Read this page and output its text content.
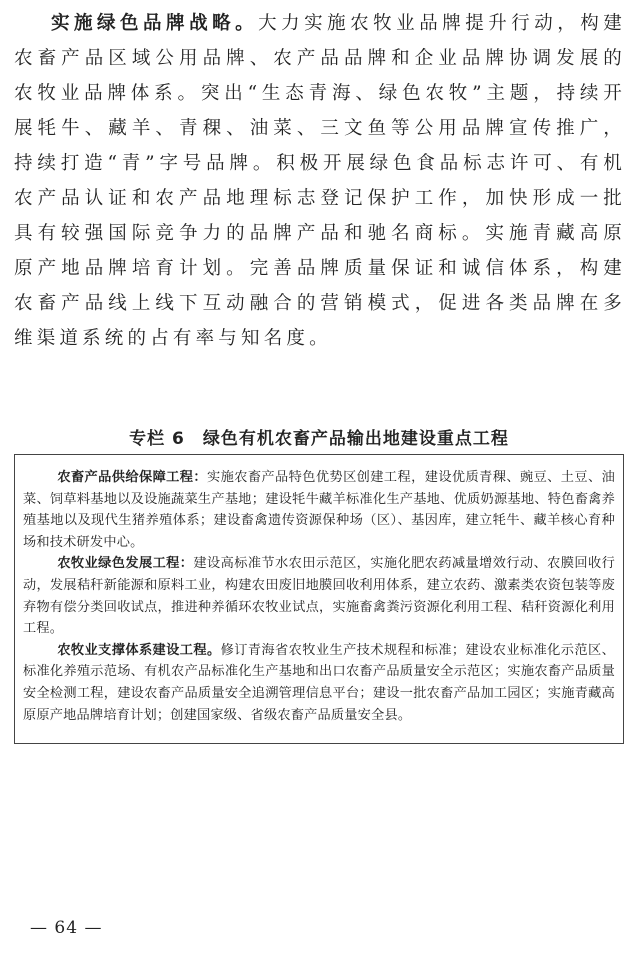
实施绿色品牌战略。大力实施农牧业品牌提升行动，构建农畜产品区域公用品牌、农产品品牌和企业品牌协调发展的农牧业品牌体系。突出“生态青海、绿色农牧”主题，持续开展牦牛、藏羊、青稞、油菜、三文鱼等公用品牌宣传推广，持续打造“青”字号品牌。积极开展绿色食品标志许可、有机农产品认证和农产品地理标志登记保护工作，加快形成一批具有较强国际竞争力的品牌产品和驰名商标。实施青藏高原原产地品牌培育计划。完善品牌质量保证和诚信体系，构建农畜产品线上线下互动融合的营销模式，促进各类品牌在多维渠道系统的占有率与知名度。

专栏 6　绿色有机农畜产品输出地建设重点工程

农畜产品供给保障工程：实施农畜产品特色优势区创建工程，建设优质青稞、豌豆、土豆、油菜、饲草料基地以及设施蔬菜生产基地；建设牦牛藏羊标准化生产基地、优质奶源基地、特色畜禽养殖基地以及现代生猪养殖体系；建设畜禽遗传资源保种场（区）、基因库，建立牦牛、藏羊核心育种场和技术研发中心。

农牧业绿色发展工程：建设高标准节水农田示范区，实施化肥农药减量增效行动、农膜回收行动，发展秸秆新能源和原料工业，构建农田废旧地膜回收利用体系，建立农药、激素类农资包装等废弃物有偿分类回收试点，推进种养循环农牧业试点，实施畜禽粪污资源化利用工程、秸秆资源化利用工程。

农牧业支撑体系建设工程。修订青海省农牧业生产技术规程和标准；建设农业标准化示范区、标准化养殖示范场、有机农产品标准化生产基地和出口农畜产品质量安全示范区；实施农畜产品质量安全检测工程，建设农畜产品质量安全追溯管理信息平台；建设一批农畜产品加工园区；实施青藏高原原产地品牌培育计划；创建国家级、省级农畜产品质量安全县。

— 64 —
